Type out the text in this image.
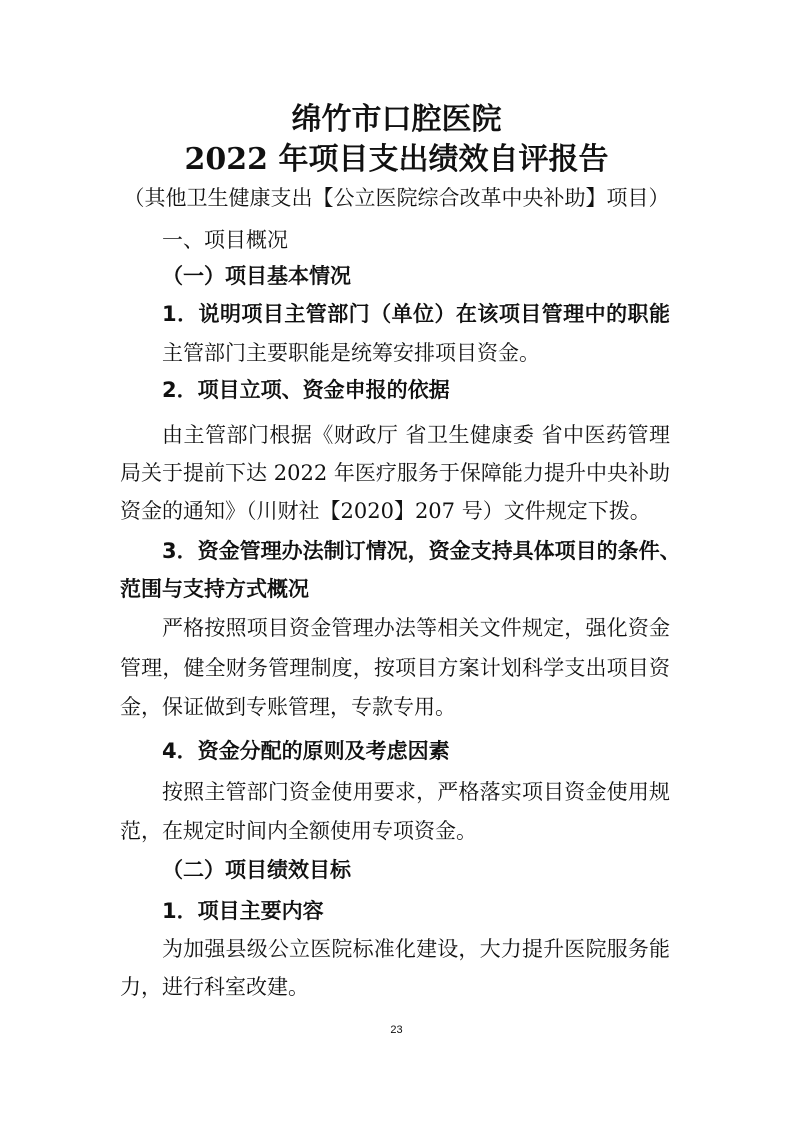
绵竹市口腔医院
2022 年项目支出绩效自评报告
（其他卫生健康支出【公立医院综合改革中央补助】项目）
一、项目概况
（一）项目基本情况
1．说明项目主管部门（单位）在该项目管理中的职能
主管部门主要职能是统筹安排项目资金。
2．项目立项、资金申报的依据
由主管部门根据《财政厅 省卫生健康委 省中医药管理
局关于提前下达 2022 年医疗服务于保障能力提升中央补助
资金的通知》（川财社【2020】207 号）文件规定下拨。
3．资金管理办法制订情况，资金支持具体项目的条件、
范围与支持方式概况
严格按照项目资金管理办法等相关文件规定，强化资金
管理，健全财务管理制度，按项目方案计划科学支出项目资
金，保证做到专账管理，专款专用。
4．资金分配的原则及考虑因素
按照主管部门资金使用要求，严格落实项目资金使用规
范，在规定时间内全额使用专项资金。
（二）项目绩效目标
1．项目主要内容
为加强县级公立医院标准化建设，大力提升医院服务能
力，进行科室改建。
23
